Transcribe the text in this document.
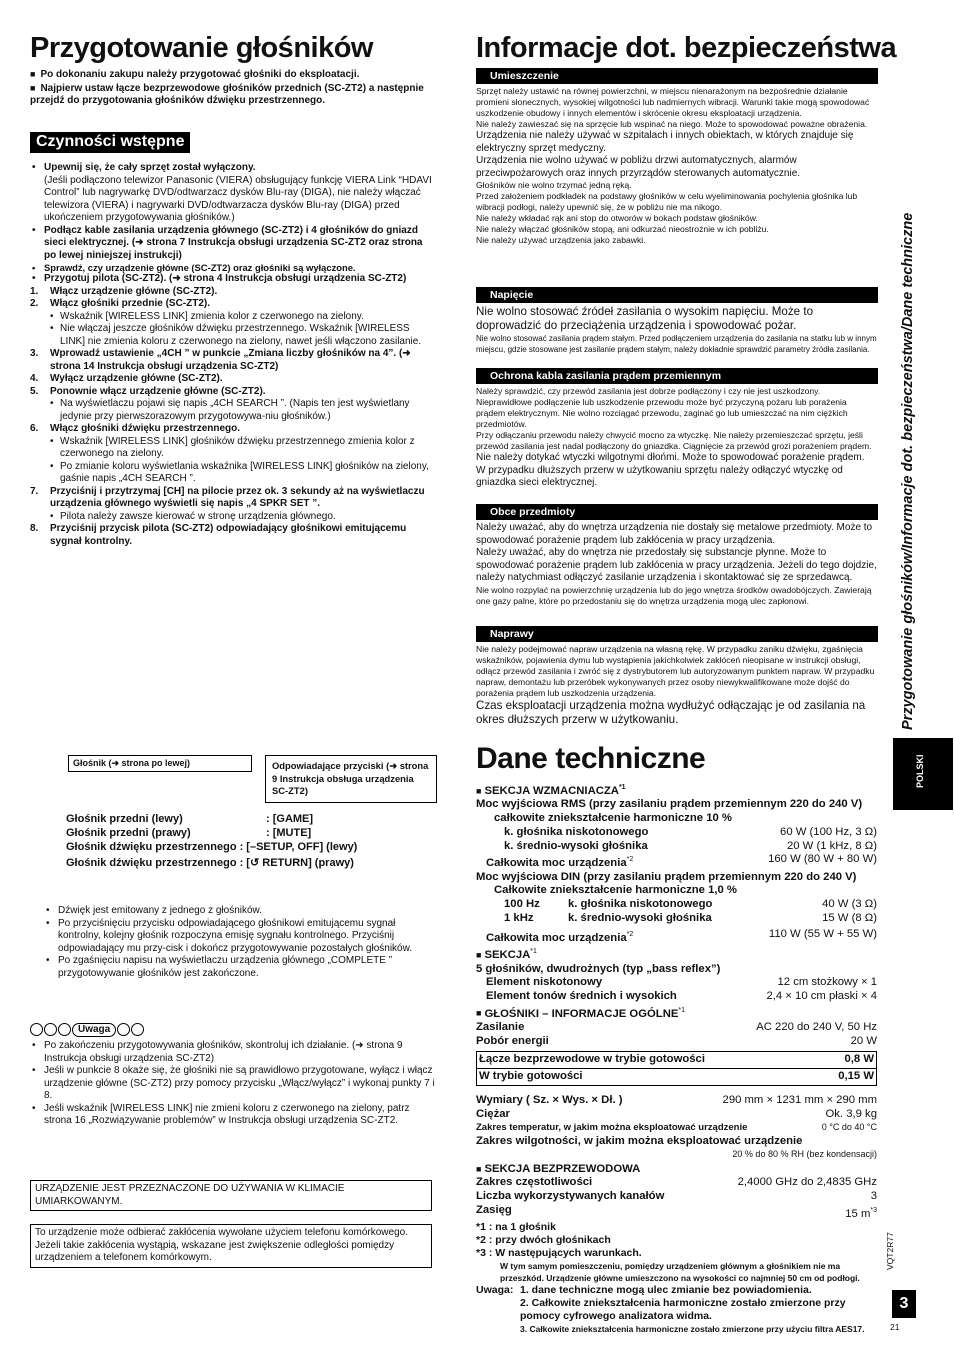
Przygotowanie głośników
■ Po dokonaniu zakupu należy przygotować głośniki do eksploatacji.
■ Najpierw ustaw łącze bezprzewodowe głośników przednich (SC-ZT2) a następnie przejdź do przygotowania głośników dźwięku przestrzennego.
Czynności wstępne
• Upewnij się, że cały sprzęt został wyłączony.
(Jeśli podłączono telewizor Panasonic (VIERA) obsługujący funkcję VIERA Link “HDAVI Control” lub nagrywarkę DVD/odtwarzacz dysków Blu-ray (DIGA), nie należy włączać telewizora (VIERA) i nagrywarki DVD/odtwarzacza dysków Blu-ray (DIGA) przed ukończeniem przygotowywania głośników.)
• Podłącz kable zasilania urządzenia głównego (SC-ZT2) i 4 głośników do gniazd sieci elektrycznej. (➜ strona 7 Instrukcja obsługi urządzenia SC-ZT2 oraz strona po lewej niniejszej instrukcji)
• Sprawdź, czy urządzenie główne (SC-ZT2) oraz głośniki są wyłączone.
• Przygotuj pilota (SC-ZT2). (➜ strona 4 Instrukcja obsługi urządzenia SC-ZT2)
1. Włącz urządzenie główne (SC-ZT2).
2. Włącz głośniki przednie (SC-ZT2).
• Wskaźnik [WIRELESS LINK] zmienia kolor z czerwonego na zielony.
• Nie włączaj jeszcze głośników dźwięku przestrzennego. Wskaźnik [WIRELESS LINK] nie zmienia koloru z czerwonego na zielony, nawet jeśli włączono zasilanie.
3. Wprowadź ustawienie „4CH ” w punkcie „Zmiana liczby głośników na 4”. (➜ strona 14 Instrukcja obsługi urządzenia SC-ZT2)
4. Wyłącz urządzenie główne (SC-ZT2).
5. Ponownie włącz urządzenie główne (SC-ZT2).
• Na wyświetlaczu pojawi się napis „4CH SEARCH ”. (Napis ten jest wyświetlany jedynie przy pierwszorazowym przygotowywa-niu głośników.)
6. Włącz głośniki dźwięku przestrzennego.
• Wskaźnik [WIRELESS LINK] głośników dźwięku przestrzennego zmienia kolor z czerwonego na zielony.
• Po zmianie koloru wyświetlania wskaźnika [WIRELESS LINK] głośników na zielony, gaśnie napis „4CH SEARCH ”.
7. Przyciśnij i przytrzymaj [CH] na pilocie przez ok. 3 sekundy aż na wyświetlaczu urządzenia głównego wyświetli się napis „4 SPKR SET ”.
• Pilota należy zawsze kierować w stronę urządzenia głównego.
8. Przyciśnij przycisk pilota (SC-ZT2) odpowiadający głośnikowi emitującemu sygnał kontrolny.
Głośnik (➜ strona po lewej)	Odpowiadające przyciski (➜ strona 9 Instrukcja obsługa urządzenia SC-ZT2)
Głośnik przedni (lewy)	: [GAME]
Głośnik przedni (prawy)	: [MUTE]
Głośnik dźwięku przestrzennego : [–SETUP, OFF] (lewy)
Głośnik dźwięku przestrzennego : [↺ RETURN] (prawy)
• Dźwięk jest emitowany z jednego z głośników.
• Po przyciśnięciu przycisku odpowiadającego głośnikowi emitującemu sygnał kontrolny, kolejny głośnik rozpoczyna emisję sygnału kontrolnego. Przyciśnij odpowiadający mu przy-cisk i dokończ przygotowywanie pozostałych głośników.
• Po zgaśnięciu napisu na wyświetlaczu urządzenia głównego „COMPLETE ” przygotowywanie głośników jest zakończone.
Uwaga
• Po zakończeniu przygotowywania głośników, skontroluj ich działanie. (➜ strona 9 Instrukcja obsługi urządzenia SC-ZT2)
• Jeśli w punkcie 8 okaże się, że głośniki nie są prawidłowo przygotowane, wyłącz i włącz urządzenie główne (SC-ZT2) przy pomocy przycisku „Włącz/wyłącz” i wykonaj punkty 7 i 8.
• Jeśli wskaźnik [WIRELESS LINK] nie zmieni koloru z czerwonego na zielony, patrz strona 16 „Rozwiązywanie problemów” w Instrukcja obsługi urządzenia SC-ZT2.
URZĄDZENIE JEST PRZEZNACZONE DO UŻYWANIA W KLIMACIE UMIARKOWANYM.
To urządzenie może odbierać zakłócenia wywołane użyciem telefonu komórkowego. Jeżeli takie zakłócenia wystąpią, wskazane jest zwiększenie odległości pomiędzy urządzeniem a telefonem komórkowym.
Informacje dot. bezpieczeństwa
Umieszczenie
Sprzęt należy ustawić na równej powierzchni, w miejscu nienarażonym na bezpośrednie działanie promieni słonecznych, wysokiej wilgotności lub nadmiernych wibracji. Warunki takie mogą spowodować uszkodzenie obudowy i innych elementów i skrócenie okresu eksploatacji urządzenia.
Nie należy zawieszać się na sprzęcie lub wspinać na niego. Może to spowodować poważne obrażenia.
Urządzenia nie należy używać w szpitalach i innych obiektach, w których znajduje się elektryczny sprzęt medyczny.
Urządzenia nie wolno używać w pobliżu drzwi automatycznych, alarmów przeciwpożarowych oraz innych przyrządów sterowanych automatycznie.
Głośników nie wolno trzymać jedną ręką.
Przed założeniem podkładek na podstawy głośników w celu wyeliminowania pochylenia głośnika lub wibracji podłogi, należy upewnić się, że w pobliżu nie ma nikogo.
Nie należy wkładać rąk ani stop do otworów w bokach podstaw głośników.
Nie należy włączać głośników stopą, ani odkurzać nieostrożnie w ich pobliżu.
Nie należy używać urządzenia jako zabawki.
Napięcie
Nie wolno stosować źródeł zasilania o wysokim napięciu. Może to doprowadzić do przeciążenia urządzenia i spowodować pożar.
Nie wolno stosować zasilania prądem stałym. Przed podłączeniem urządzenia do zasilania na statku lub w innym miejscu, gdzie stosowane jest zasilanie prądem stałym, należy dokładnie sprawdzić parametry źródła zasilania.
Ochrona kabla zasilania prądem przemiennym
Należy sprawdzić, czy przewód zasilania jest dobrze podłączony i czy nie jest uszkodzony.
Nieprawidłowe podłączenie lub uszkodzenie przewodu może być przyczyną pożaru lub porażenia prądem elektrycznym. Nie wolno rozciągać przewodu, zaginać go lub umieszczać na nim ciężkich przedmiotów.
Przy odłączaniu przewodu należy chwycić mocno za wtyczkę. Nie należy przemieszczać sprzętu, jeśli przewód zasilania jest nadal podłączony do gniazdka. Ciągnięcie za przewód grozi porażeniem prądem.
Nie należy dotykać wtyczki wilgotnymi dłońmi. Może to spowodować porażenie prądem.
W przypadku dłuższych przerw w użytkowaniu sprzętu należy odłączyć wtyczkę od gniazdka sieci elektrycznej.
Obce przedmioty
Należy uważać, aby do wnętrza urządzenia nie dostały się metalowe przedmioty. Może to spowodować porażenie prądem lub zakłócenia w pracy urządzenia.
Należy uważać, aby do wnętrza nie przedostały się substancje płynne. Może to spowodować porażenie prądem lub zakłócenia w pracy urządzenia. Jeżeli do tego dojdzie, należy natychmiast odłączyć zasilanie urządzenia i skontaktować się ze sprzedawcą.
Nie wolno rozpylać na powierzchnię urządzenia lub do jego wnętrza środków owadobójczych. Zawierają one gazy palne, które po przedostaniu się do wnętrza urządzenia mogą ulec zapłonowi.
Naprawy
Nie należy podejmować napraw urządzenia na własną rękę. W przypadku zaniku dźwięku, zgaśnięcia wskaźników, pojawienia dymu lub wystąpienia jakichkolwiek zakłóceń nieopisane w instrukcji obsługi, odłącz przewód zasilania i zwróć się z dystrybutorem lub autoryzowanym punktem napraw. W przypadku napraw, demontażu lub przeróbek wykonywanych przez osoby niewykwalifikowane może dojść do porażenia prądem lub uszkodzenia urządzenia.
Czas eksploatacji urządzenia można wydłużyć odłączając je od zasilania na okres dłuższych przerw w użytkowaniu.
Dane techniczne
■ SEKCJA WZMACNIACZA$^{*1}$
Moc wyjściowa RMS (przy zasilaniu prądem przemiennym 220 do 240 V)
całkowite zniekształcenie harmoniczne 10 %
k. głośnika niskotonowego	60 W (100 Hz, 3 Ω)
k. średnio-wysoki głośnika	20 W (1 kHz, 8 Ω)
Całkowita moc urządzenia$^{*2}$	160 W (80 W + 80 W)
Moc wyjściowa DIN (przy zasilaniu prądem przemiennym 220 do 240 V)
Całkowite zniekształcenie harmoniczne 1,0 %
100 Hz	k. głośnika niskotonowego	40 W (3 Ω)
1 kHz	k. średnio-wysoki głośnika	15 W (8 Ω)
Całkowita moc urządzenia$^{*2}$	110 W (55 W + 55 W)
■ SEKCJA$^{*1}$
5 głośników, dwudrożnych (typ „bass reflex”)
Element niskotonowy	12 cm stożkowy × 1
Element tonów średnich i wysokich	2,4 × 10 cm płaski × 4
■ GŁOŚNIKI – INFORMACJE OGÓLNE$^{*1}$
Zasilanie	AC 220 do 240 V, 50 Hz
Pobór energii	20 W
Łącze bezprzewodowe w trybie gotowości	0,8 W
W trybie gotowości	0,15 W
Wymiary ( Sz. × Wys. × Dł. )	290 mm × 1231 mm × 290 mm
Ciężar	Ok. 3,9 kg
Zakres temperatur, w jakim można eksploatować urządzenie	0 °C do 40 °C
Zakres wilgotności, w jakim można eksploatować urządzenie
20 % do 80 % RH (bez kondensacji)
■ SEKCJA BEZPRZEWODOWA
Zakres częstotliwości	2,4000 GHz do 2,4835 GHz
Liczba wykorzystywanych kanałów	3
Zasięg	15 $m^{*3}$
*1 : na 1 głośnik
*2 : przy dwóch głośnikach
*3 : W następujących warunkach.
W tym samym pomieszczeniu, pomiędzy urządzeniem głównym a głośnikiem nie ma przeszkód. Urządzenie główne umieszczono na wysokości co najmniej 50 cm od podłogi.
Uwaga: 1. dane techniczne mogą ulec zmianie bez powiadomienia.
2. Całkowite zniekształcenia harmoniczne zostało zmierzone przy pomocy cyfrowego analizatora widma.
3. Całkowite zniekształcenia harmoniczne zostało zmierzone przy użyciu filtra AES17.
Przygotowanie głośników/Informacje dot. bezpieczeństwa/Dane techniczne
POLSKI
VQT2R77
3
21
